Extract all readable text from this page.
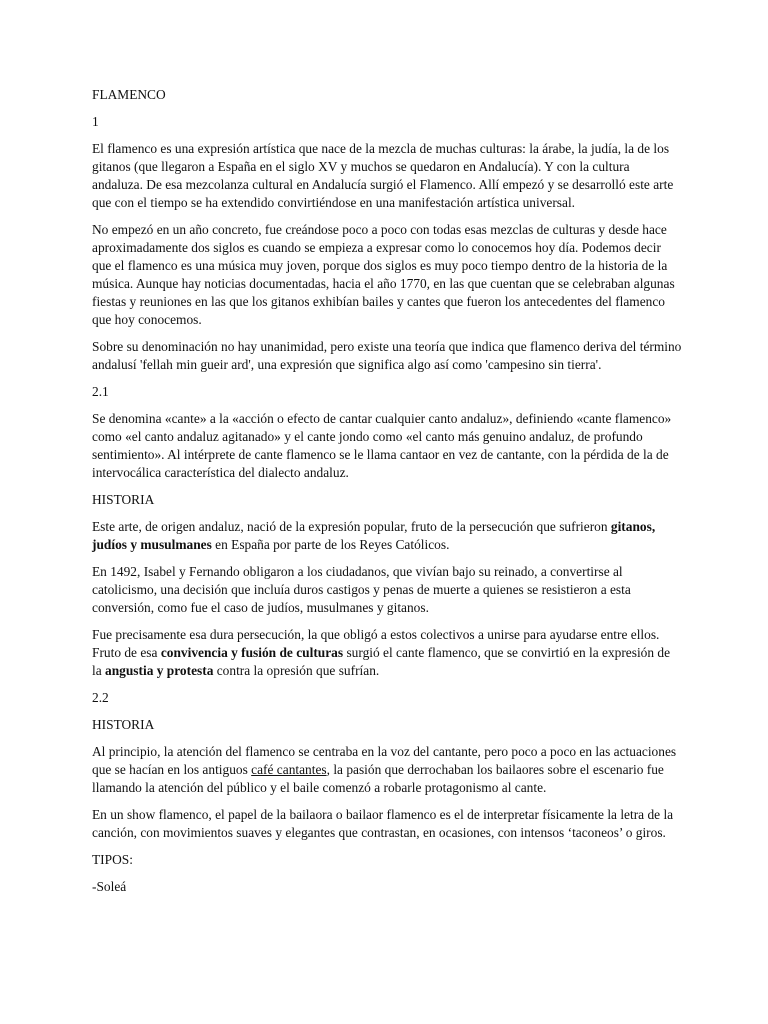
FLAMENCO

1

El flamenco es una expresión artística que nace de la mezcla de muchas culturas: la árabe, la judía, la de los gitanos (que llegaron a España en el siglo XV y muchos se quedaron en Andalucía). Y con la cultura andaluza. De esa mezcolanza cultural en Andalucía surgió el Flamenco. Allí empezó y se desarrolló este arte que con el tiempo se ha extendido convirtiéndose en una manifestación artística universal.

No empezó en un año concreto, fue creándose poco a poco con todas esas mezclas de culturas y desde hace aproximadamente dos siglos es cuando se empieza a expresar como lo conocemos hoy día. Podemos decir que el flamenco es una música muy joven, porque dos siglos es muy poco tiempo dentro de la historia de la música. Aunque hay noticias documentadas, hacia el año 1770, en las que cuentan que se celebraban algunas fiestas y reuniones en las que los gitanos exhibían bailes y cantes que fueron los antecedentes del flamenco que hoy conocemos.

Sobre su denominación no hay unanimidad, pero existe una teoría que indica que flamenco deriva del término andalusí 'fellah min gueir ard', una expresión que significa algo así como 'campesino sin tierra'.

2.1

Se denomina «cante» a la «acción o efecto de cantar cualquier canto andaluz», definiendo «cante flamenco» como «el canto andaluz agitanado» y el cante jondo como «el canto más genuino andaluz, de profundo sentimiento». Al intérprete de cante flamenco se le llama cantaor en vez de cantante, con la pérdida de la de intervocálica característica del dialecto andaluz.

HISTORIA

Este arte, de origen andaluz, nació de la expresión popular, fruto de la persecución que sufrieron gitanos, judíos y musulmanes en España por parte de los Reyes Católicos.

En 1492, Isabel y Fernando obligaron a los ciudadanos, que vivían bajo su reinado, a convertirse al catolicismo, una decisión que incluía duros castigos y penas de muerte a quienes se resistieron a esta conversión, como fue el caso de judíos, musulmanes y gitanos.

Fue precisamente esa dura persecución, la que obligó a estos colectivos a unirse para ayudarse entre ellos. Fruto de esa convivencia y fusión de culturas surgió el cante flamenco, que se convirtió en la expresión de la angustia y protesta contra la opresión que sufrían.

2.2

HISTORIA

Al principio, la atención del flamenco se centraba en la voz del cantante, pero poco a poco en las actuaciones que se hacían en los antiguos café cantantes, la pasión que derrochaban los bailaores sobre el escenario fue llamando la atención del público y el baile comenzó a robarle protagonismo al cante.

En un show flamenco, el papel de la bailaora o bailaor flamenco es el de interpretar físicamente la letra de la canción, con movimientos suaves y elegantes que contrastan, en ocasiones, con intensos ‘taconeos’ o giros.

TIPOS:

-Soleá
